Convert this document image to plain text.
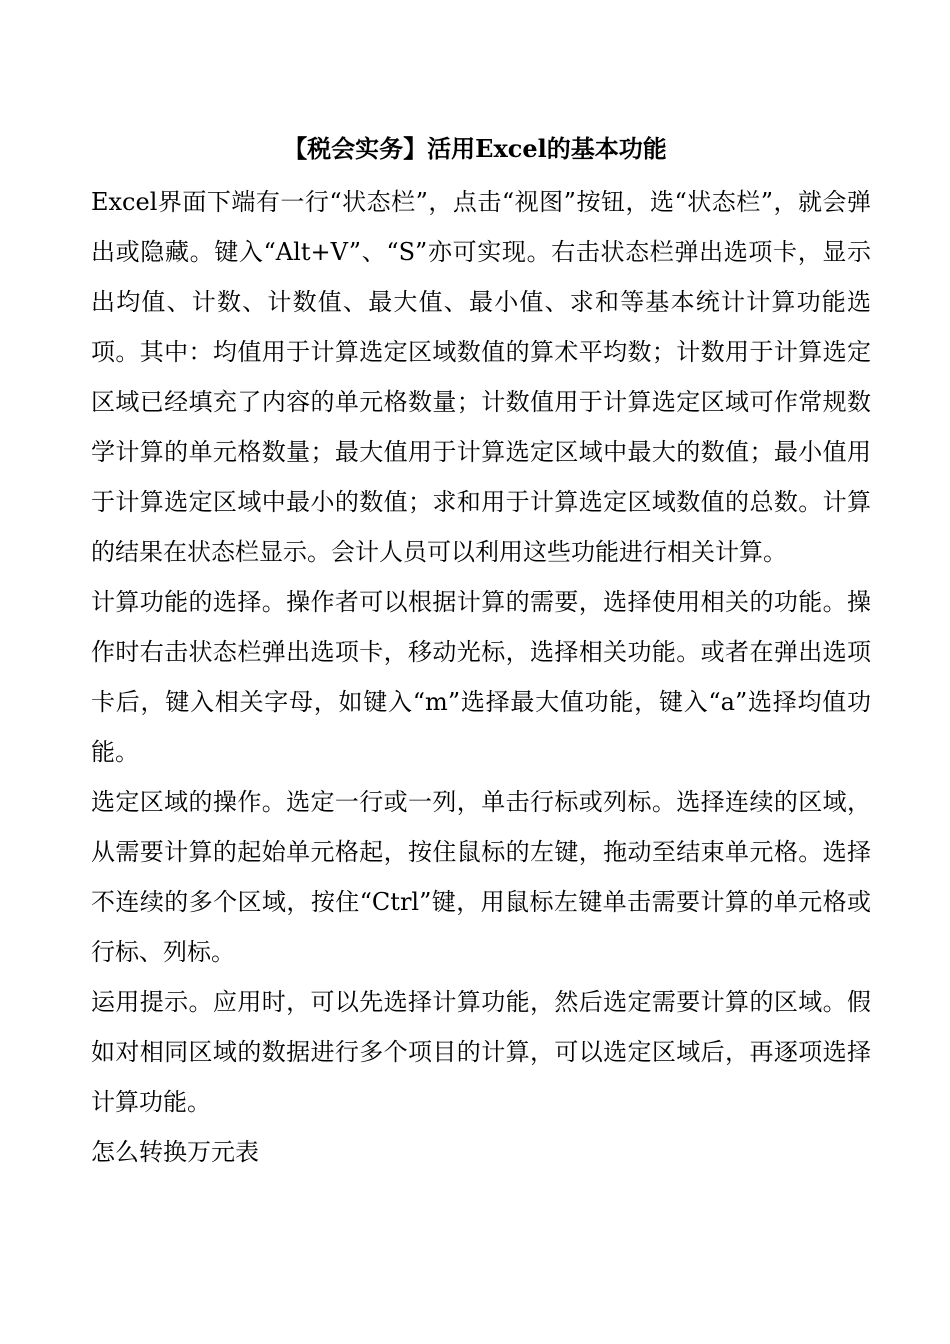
【税会实务】活用Excel的基本功能

Excel界面下端有一行“状态栏”，点击“视图”按钮，选“状态栏”，就会弹出或隐藏。键入“Alt+V”、“S”亦可实现。右击状态栏弹出选项卡，显示出均值、计数、计数值、最大值、最小值、求和等基本统计计算功能选项。其中：均值用于计算选定区域数值的算术平均数；计数用于计算选定区域已经填充了内容的单元格数量；计数值用于计算选定区域可作常规数学计算的单元格数量；最大值用于计算选定区域中最大的数值；最小值用于计算选定区域中最小的数值；求和用于计算选定区域数值的总数。计算的结果在状态栏显示。会计人员可以利用这些功能进行相关计算。

计算功能的选择。操作者可以根据计算的需要，选择使用相关的功能。操作时右击状态栏弹出选项卡，移动光标，选择相关功能。或者在弹出选项卡后，键入相关字母，如键入“m”选择最大值功能，键入“a”选择均值功能。

选定区域的操作。选定一行或一列，单击行标或列标。选择连续的区域，从需要计算的起始单元格起，按住鼠标的左键，拖动至结束单元格。选择不连续的多个区域，按住“Ctrl”键，用鼠标左键单击需要计算的单元格或行标、列标。

运用提示。应用时，可以先选择计算功能，然后选定需要计算的区域。假如对相同区域的数据进行多个项目的计算，可以选定区域后，再逐项选择计算功能。

怎么转换万元表
